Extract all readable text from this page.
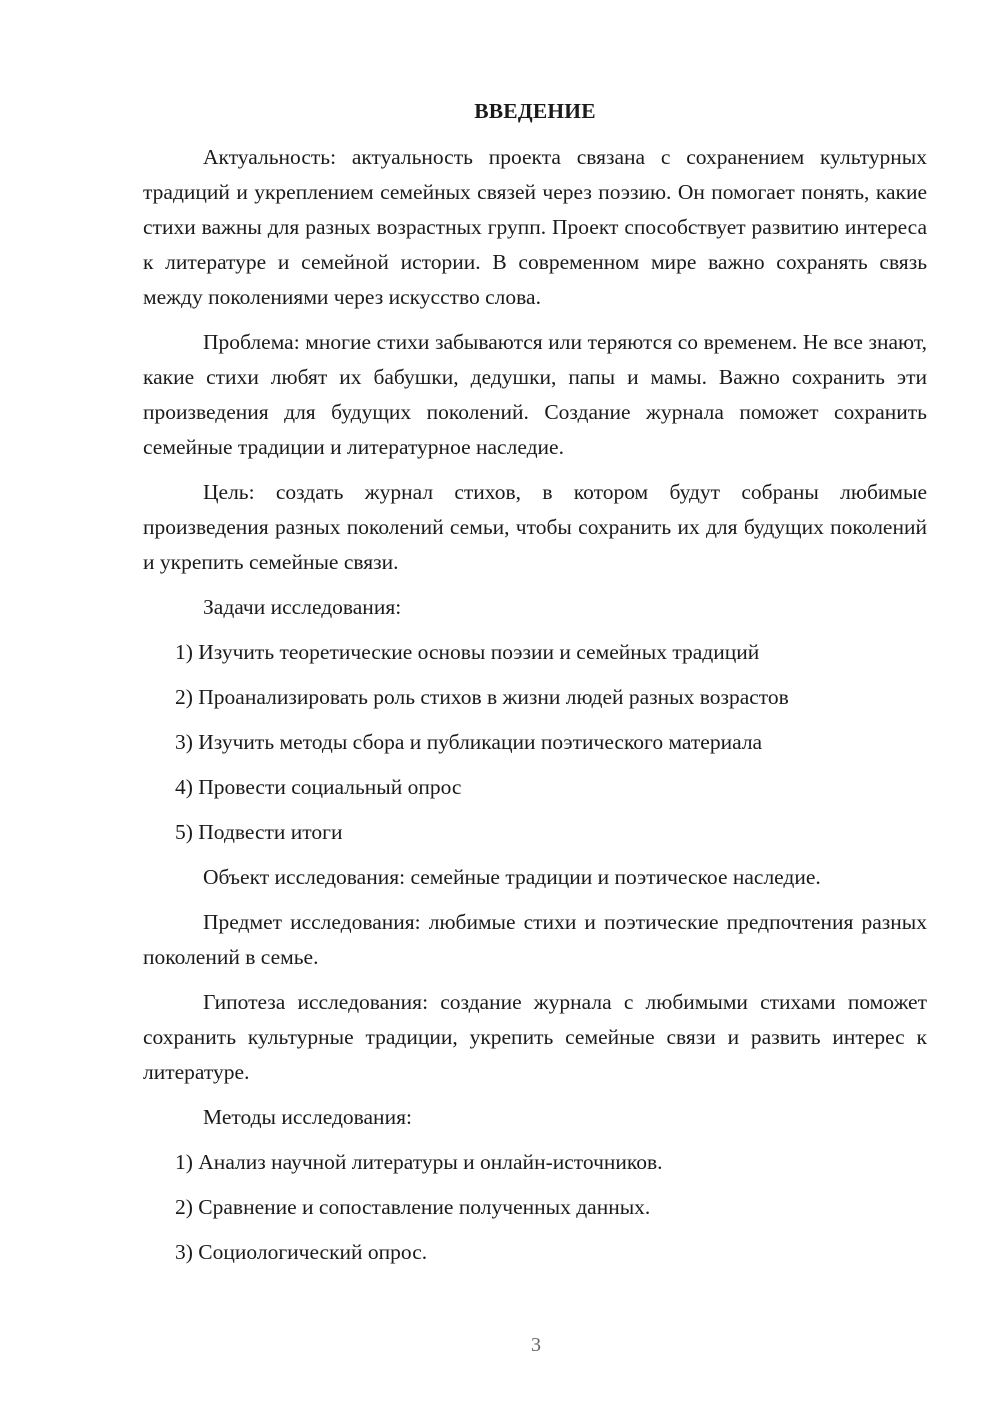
ВВЕДЕНИЕ

Актуальность: актуальность проекта связана с сохранением культурных традиций и укреплением семейных связей через поэзию. Он помогает понять, какие стихи важны для разных возрастных групп. Проект способствует развитию интереса к литературе и семейной истории. В современном мире важно сохранять связь между поколениями через искусство слова.

Проблема: многие стихи забываются или теряются со временем. Не все знают, какие стихи любят их бабушки, дедушки, папы и мамы. Важно сохранить эти произведения для будущих поколений. Создание журнала поможет сохранить семейные традиции и литературное наследие.

Цель: создать журнал стихов, в котором будут собраны любимые произведения разных поколений семьи, чтобы сохранить их для будущих поколений и укрепить семейные связи.

Задачи исследования:

1) Изучить теоретические основы поэзии и семейных традиций
2) Проанализировать роль стихов в жизни людей разных возрастов
3) Изучить методы сбора и публикации поэтического материала
4) Провести социальный опрос
5) Подвести итоги

Объект исследования: семейные традиции и поэтическое наследие.

Предмет исследования: любимые стихи и поэтические предпочтения разных поколений в семье.

Гипотеза исследования: создание журнала с любимыми стихами поможет сохранить культурные традиции, укрепить семейные связи и развить интерес к литературе.

Методы исследования:

1) Анализ научной литературы и онлайн-источников.
2) Сравнение и сопоставление полученных данных.
3) Социологический опрос.
3
